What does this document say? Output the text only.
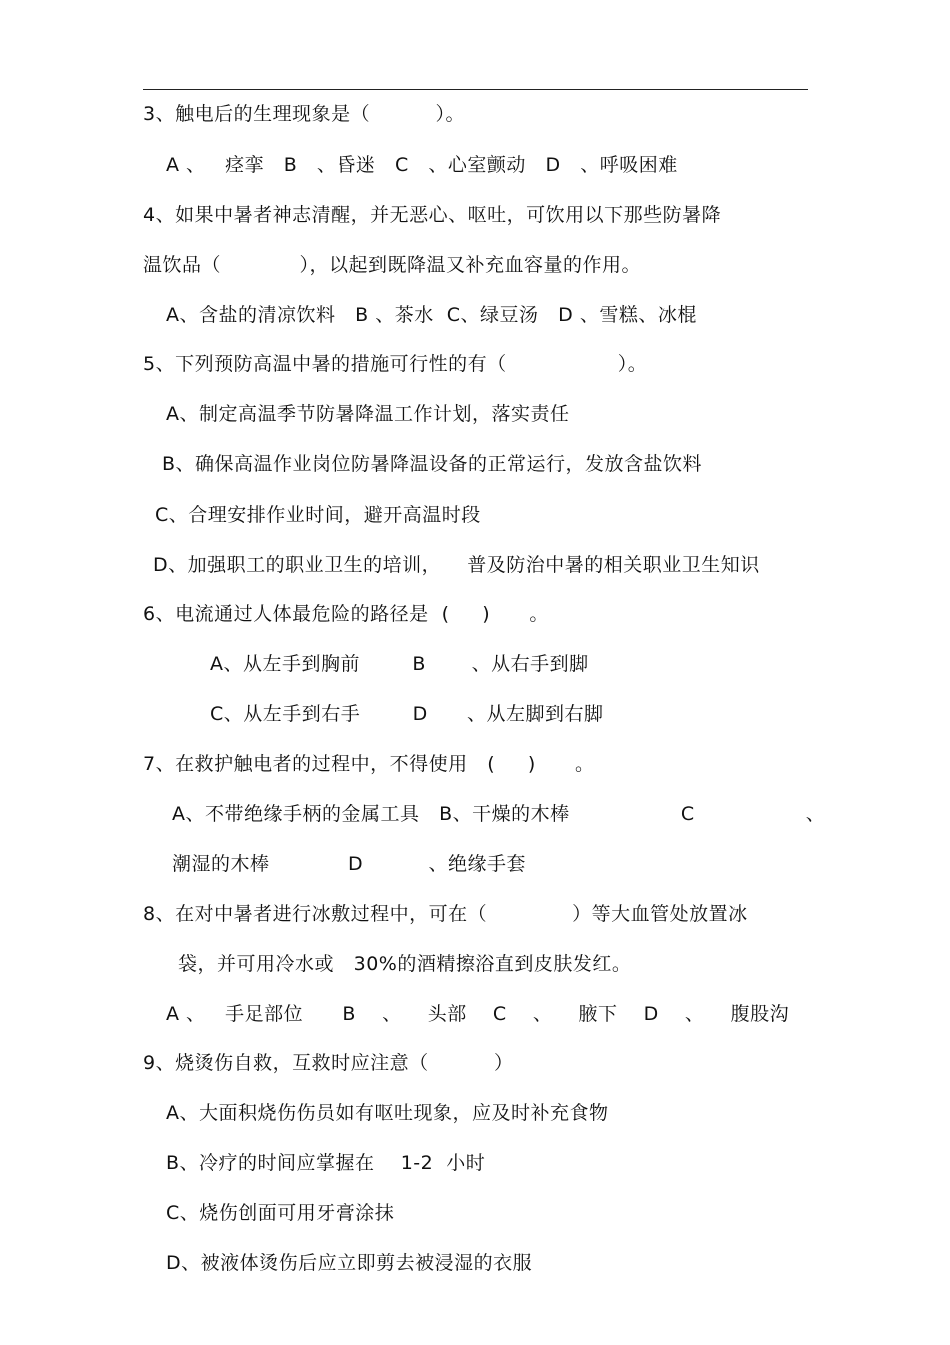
3、触电后的生理现象是（          ）。
A 、   痉挛   B   、昏迷   C   、心室颤动   D   、呼吸困难
4、如果中暑者神志清醒，并无恶心、呕吐，可饮用以下那些防暑降
温饮品（            ），以起到既降温又补充血容量的作用。
A、含盐的清凉饮料   B 、茶水  C、绿豆汤   D 、雪糕、冰棍
5、下列预防高温中暑的措施可行性的有（                 ）。
A、制定高温季节防暑降温工作计划，落实责任
B、确保高温作业岗位防暑降温设备的正常运行，发放含盐饮料
C、合理安排作业时间，避开高温时段
D、加强职工的职业卫生的培训，    普及防治中暑的相关职业卫生知识
6、电流通过人体最危险的路径是  (     )      。
A、从左手到胸前        B       、从右手到脚
C、从左手到右手        D      、从左脚到右脚
7、在救护触电者的过程中，不得使用   (     )      。
A、不带绝缘手柄的金属工具   B、干燥的木棒                 C                 、
潮湿的木棒            D          、绝缘手套
8、在对中暑者进行冰敷过程中，可在（             ）等大血管处放置冰
袋，并可用冷水或   30%的酒精擦浴直到皮肤发红。
A 、   手足部位      B    、    头部    C    、    腋下    D    、    腹股沟
9、烧烫伤自救，互救时应注意（          ）
A、大面积烧伤伤员如有呕吐现象，应及时补充食物
B、冷疗的时间应掌握在    1-2  小时
C、烧伤创面可用牙膏涂抹
D、被液体烫伤后应立即剪去被浸湿的衣服
